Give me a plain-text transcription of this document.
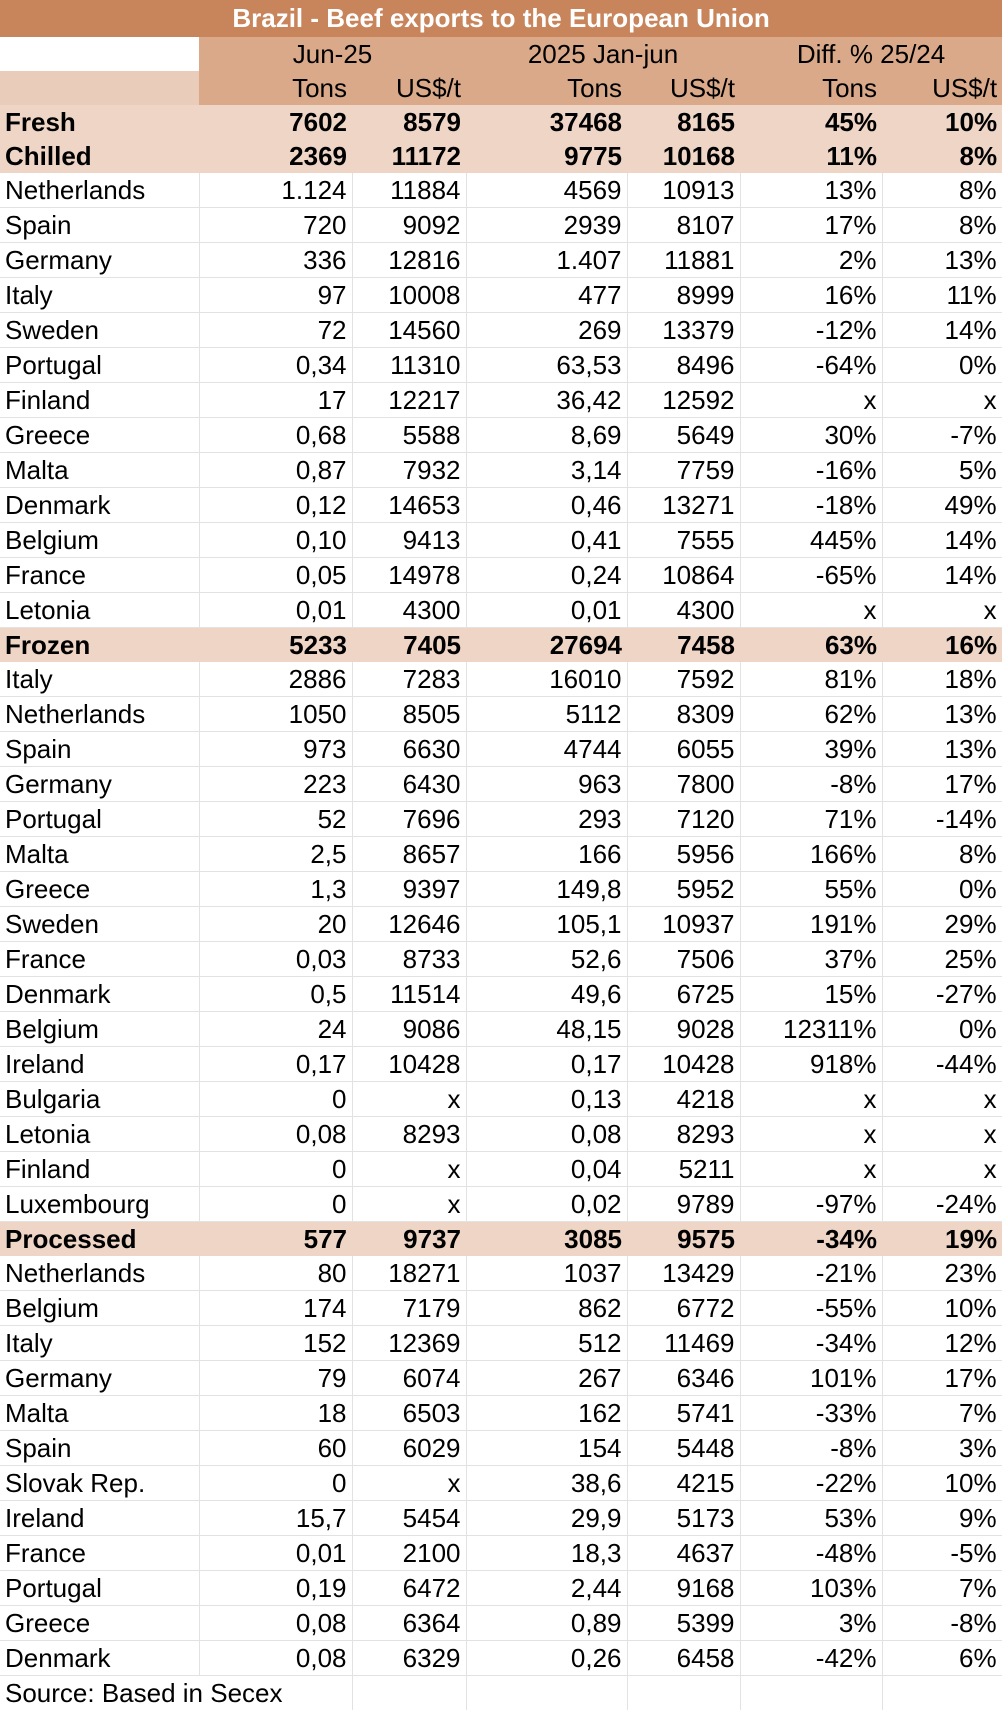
Brazil - Beef exports to the European Union						
	Jun-25		2025 Jan-jun		Diff. % 25/24	
	Tons	US$/t	Tons	US$/t	Tons	US$/t
Fresh	7602	8579	37468	8165	45%	10%
Chilled	2369	11172	9775	10168	11%	8%
Netherlands	1.124	11884	4569	10913	13%	8%
Spain	720	9092	2939	8107	17%	8%
Germany	336	12816	1.407	11881	2%	13%
Italy	97	10008	477	8999	16%	11%
Sweden	72	14560	269	13379	-12%	14%
Portugal	0,34	11310	63,53	8496	-64%	0%
Finland	17	12217	36,42	12592	x	x
Greece	0,68	5588	8,69	5649	30%	-7%
Malta	0,87	7932	3,14	7759	-16%	5%
Denmark	0,12	14653	0,46	13271	-18%	49%
Belgium	0,10	9413	0,41	7555	445%	14%
France	0,05	14978	0,24	10864	-65%	14%
Letonia	0,01	4300	0,01	4300	x	x
Frozen	5233	7405	27694	7458	63%	16%
Italy	2886	7283	16010	7592	81%	18%
Netherlands	1050	8505	5112	8309	62%	13%
Spain	973	6630	4744	6055	39%	13%
Germany	223	6430	963	7800	-8%	17%
Portugal	52	7696	293	7120	71%	-14%
Malta	2,5	8657	166	5956	166%	8%
Greece	1,3	9397	149,8	5952	55%	0%
Sweden	20	12646	105,1	10937	191%	29%
France	0,03	8733	52,6	7506	37%	25%
Denmark	0,5	11514	49,6	6725	15%	-27%
Belgium	24	9086	48,15	9028	12311%	0%
Ireland	0,17	10428	0,17	10428	918%	-44%
Bulgaria	0	x	0,13	4218	x	x
Letonia	0,08	8293	0,08	8293	x	x
Finland	0	x	0,04	5211	x	x
Luxembourg	0	x	0,02	9789	-97%	-24%
Processed	577	9737	3085	9575	-34%	19%
Netherlands	80	18271	1037	13429	-21%	23%
Belgium	174	7179	862	6772	-55%	10%
Italy	152	12369	512	11469	-34%	12%
Germany	79	6074	267	6346	101%	17%
Malta	18	6503	162	5741	-33%	7%
Spain	60	6029	154	5448	-8%	3%
Slovak Rep.	0	x	38,6	4215	-22%	10%
Ireland	15,7	5454	29,9	5173	53%	9%
France	0,01	2100	18,3	4637	-48%	-5%
Portugal	0,19	6472	2,44	9168	103%	7%
Greece	0,08	6364	0,89	5399	3%	-8%
Denmark	0,08	6329	0,26	6458	-42%	6%
Source: Based in Secex						
